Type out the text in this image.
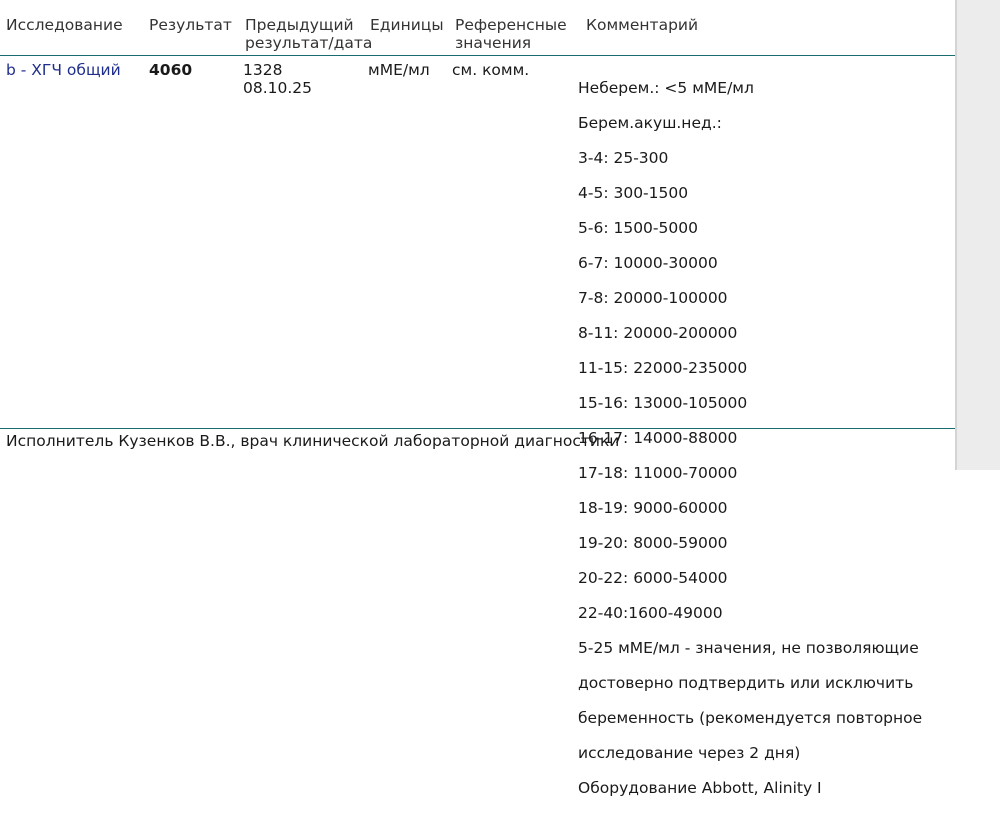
Исследование Результат Предыдущий
результат/дата
Единицы Референсные
значения
Комментарий
b - ХГЧ общий 4060	1328
08.10.25
мМЕ/мл см. комм.

Неберем.: <5 мМЕ/мл

Берем.акуш.нед.:

3-4: 25-300

4-5: 300-1500

5-6: 1500-5000

6-7: 10000-30000

7-8: 20000-100000

8-11: 20000-200000

11-15: 22000-235000

15-16: 13000-105000

16-17: 14000-88000

17-18: 11000-70000

18-19: 9000-60000

19-20: 8000-59000

20-22: 6000-54000

22-40:1600-49000

5-25 мМЕ/мл - значения, не позволяющие

достоверно подтвердить или исключить

беременность (рекомендуется повторное

исследование через 2 дня)

Оборудование Abbott, Alinity I

Исполнитель Кузенков В.В., врач клинической лабораторной диагностики
